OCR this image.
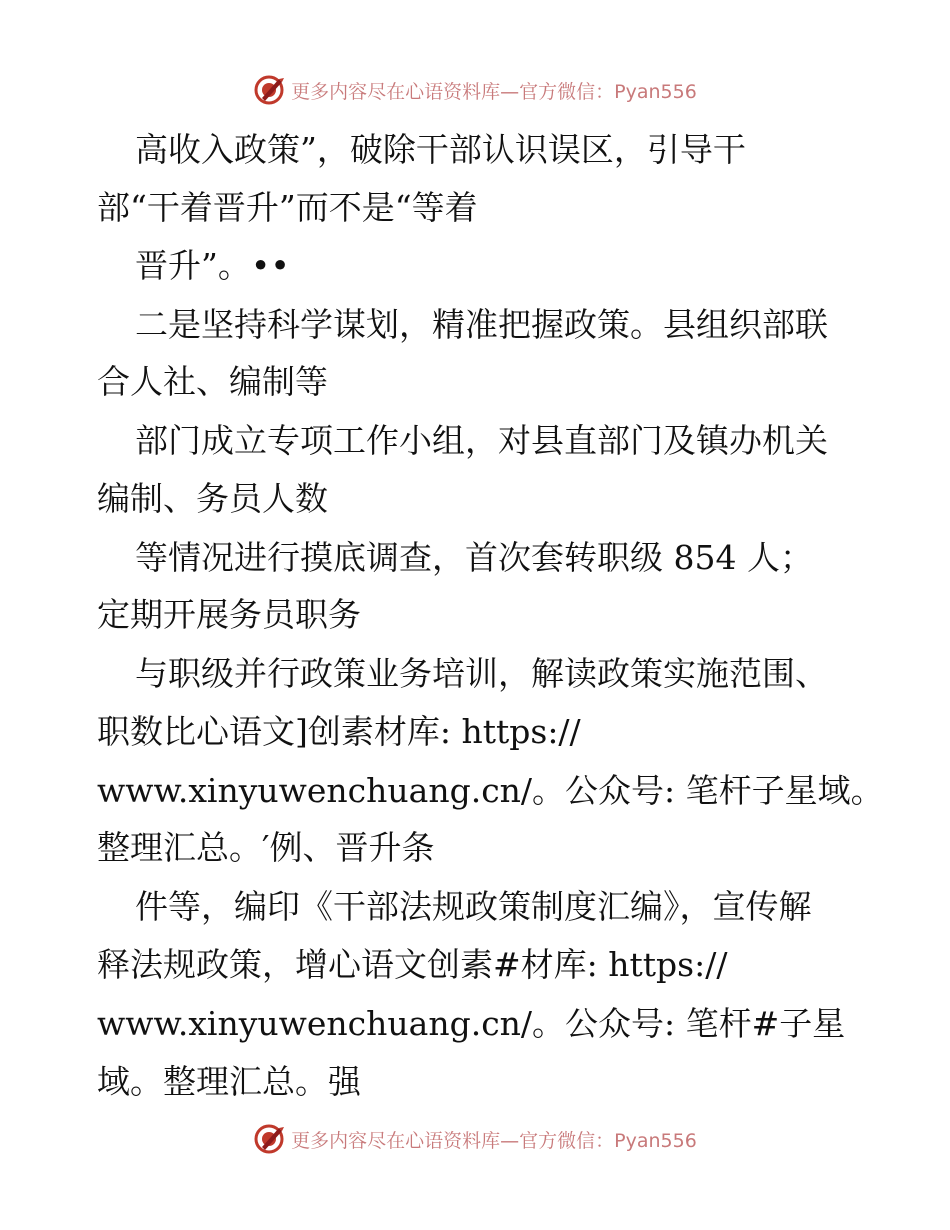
更多内容尽在心语资料库—官方微信：Pyan556
高收入政策”，破除干部认识误区，引导干
部“干着晋升”而不是“等着
晋升”。••
二是坚持科学谋划，精准把握政策。县组织部联
合人社、编制等
部门成立专项工作小组，对县直部门及镇办机关
编制、务员人数
等情况进行摸底调查，首次套转职级 854 人；
定期开展务员职务
与职级并行政策业务培训，解读政策实施范围、
职数比心语文]创素材库: https://
www.xinyuwenchuang.cn/。公众号: 笔杆子星域。
整理汇总。′例、晋升条
件等，编印《干部法规政策制度汇编》，宣传解
释法规政策，增心语文创素#材库: https://
www.xinyuwenchuang.cn/。公众号: 笔杆#子星
域。整理汇总。强
更多内容尽在心语资料库—官方微信：Pyan556
